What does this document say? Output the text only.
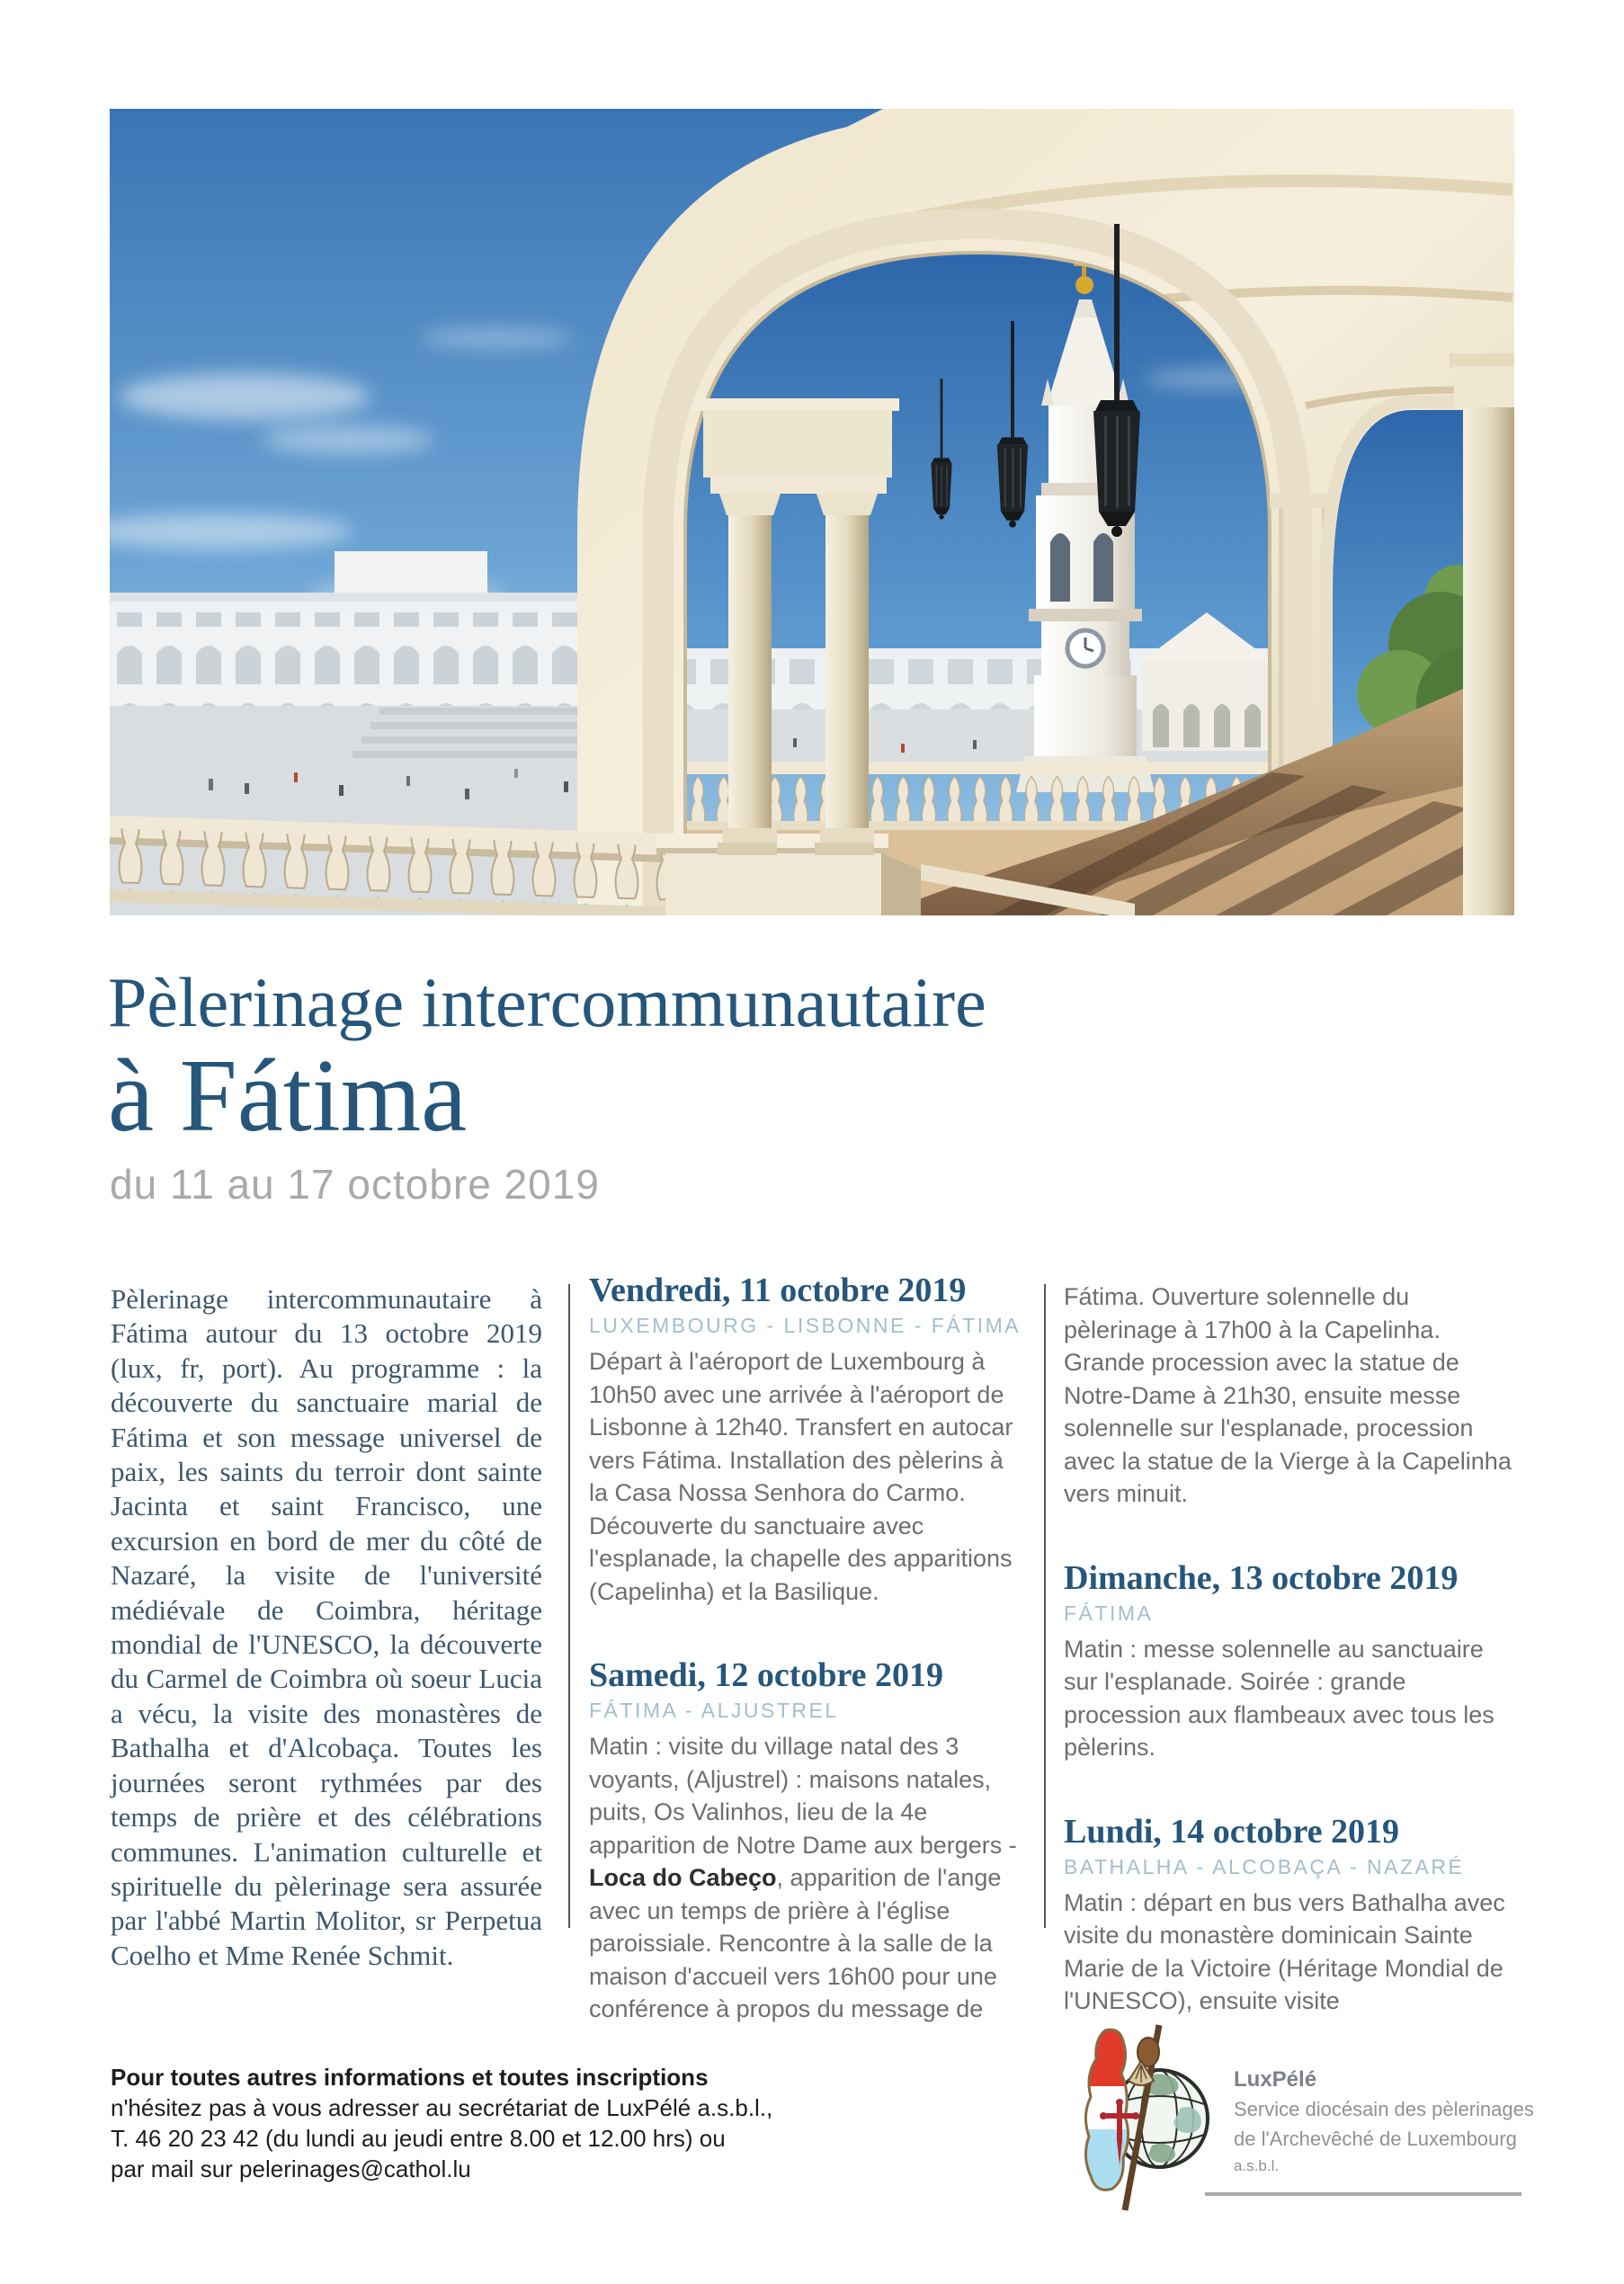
Pèlerinage intercommunautaire
à Fátima
du 11 au 17 octobre 2019

Pèlerinage intercommunautaire à Fátima autour du 13 octobre 2019 (lux, fr, port). Au programme : la découverte du sanctuaire marial de Fátima et son message universel de paix, les saints du terroir dont sainte Jacinta et saint Francisco, une excursion en bord de mer du côté de Nazaré, la visite de l'université médiévale de Coimbra, héritage mondial de l'UNESCO, la découverte du Carmel de Coimbra où soeur Lucia a vécu, la visite des monastères de Bathalha et d'Alcobaça. Toutes les journées seront rythmées par des temps de prière et des célébrations communes. L'animation culturelle et spirituelle du pèlerinage sera assurée par l'abbé Martin Molitor, sr Perpetua Coelho et Mme Renée Schmit.

Vendredi, 11 octobre 2019

LUXEMBOURG - LISBONNE - FÁTIMA

Départ à l'aéroport de Luxembourg à 10h50 avec une arrivée à l'aéroport de Lisbonne à 12h40. Transfert en autocar vers Fátima. Installation des pèlerins à la Casa Nossa Senhora do Carmo. Découverte du sanctuaire avec l'esplanade, la chapelle des apparitions (Capelinha) et la Basilique.

Samedi, 12 octobre 2019

FÁTIMA - ALJUSTREL

Matin : visite du village natal des 3 voyants, (Aljustrel) : maisons natales, puits, Os Valinhos, lieu de la 4e apparition de Notre Dame aux bergers - Loca do Cabeço, apparition de l'ange avec un temps de prière à l'église paroissiale. Rencontre à la salle de la maison d'accueil vers 16h00 pour une conférence à propos du message de

Fátima. Ouverture solennelle du pèlerinage à 17h00 à la Capelinha. Grande procession avec la statue de Notre-Dame à 21h30, ensuite messe solennelle sur l'esplanade, procession avec la statue de la Vierge à la Capelinha vers minuit.

Dimanche, 13 octobre 2019

FÁTIMA

Matin : messe solennelle au sanctuaire sur l'esplanade. Soirée : grande procession aux flambeaux avec tous les pèlerins.

Lundi, 14 octobre 2019

BATHALHA - ALCOBAÇA - NAZARÉ

Matin : départ en bus vers Bathalha avec visite du monastère dominicain Sainte Marie de la Victoire (Héritage Mondial de l'UNESCO), ensuite visite

Pour toutes autres informations et toutes inscriptions
n'hésitez pas à vous adresser au secrétariat de LuxPélé a.s.b.l.,
T. 46 20 23 42 (du lundi au jeudi entre 8.00 et 12.00 hrs) ou
par mail sur pelerinages@cathol.lu

LuxPélé

Service diocésain des pèlerinages

de l'Archevêché de Luxembourg

a.s.b.l.
